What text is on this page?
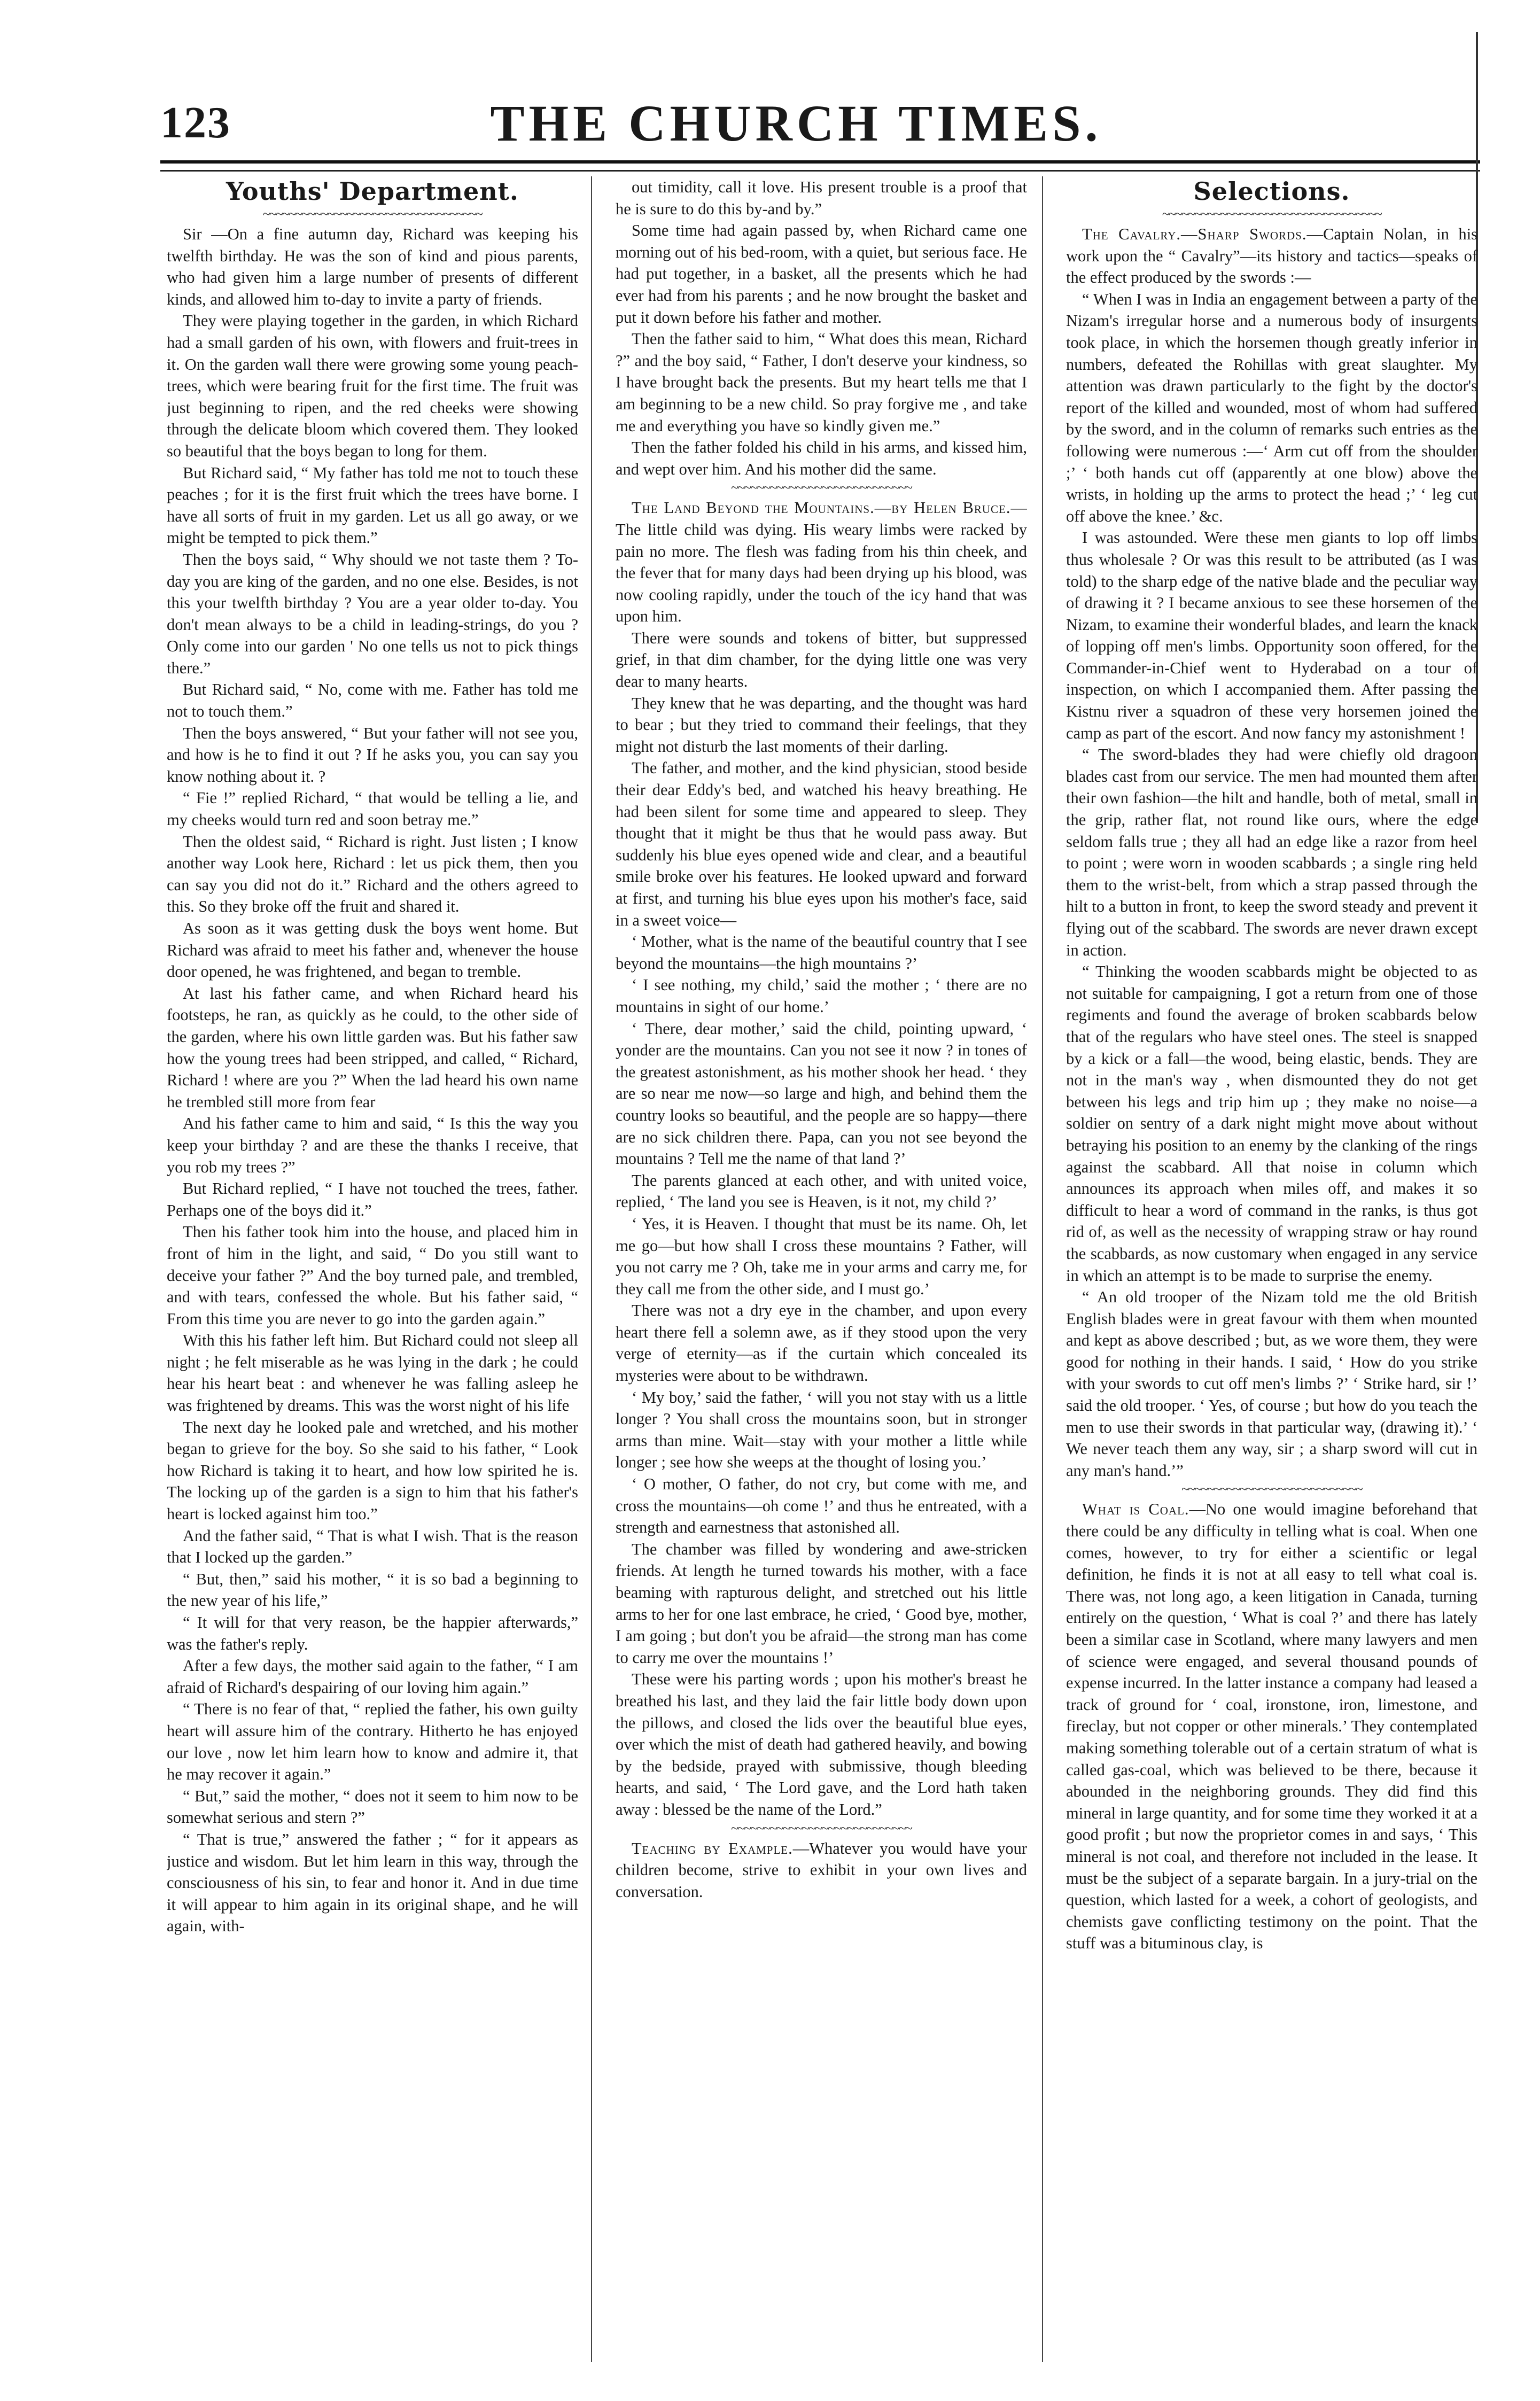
123	THE CHURCH TIMES.
Youths' Department.
~~~~~~~~~~~~~~~~~~~~~~~~~~~~~~~~~~

Sir —On a fine autumn day, Richard was keeping his twelfth birthday. He was the son of kind and pious parents, who had given him a large number of presents of different kinds, and allowed him to-day to invite a party of friends.

They were playing together in the garden, in which Richard had a small garden of his own, with flowers and fruit-trees in it. On the garden wall there were growing some young peach-trees, which were bearing fruit for the first time. The fruit was just beginning to ripen, and the red cheeks were showing through the delicate bloom which covered them. They looked so beautiful that the boys began to long for them.

But Richard said, “ My father has told me not to touch these peaches ; for it is the first fruit which the trees have borne. I have all sorts of fruit in my garden. Let us all go away, or we might be tempted to pick them.”

Then the boys said, “ Why should we not taste them ? To-day you are king of the garden, and no one else. Besides, is not this your twelfth birthday ? You are a year older to-day. You don't mean always to be a child in leading-strings, do you ? Only come into our garden ' No one tells us not to pick things there.”

But Richard said, “ No, come with me. Father has told me not to touch them.”

Then the boys answered, “ But your father will not see you, and how is he to find it out ? If he asks you, you can say you know nothing about it. ?

“ Fie !” replied Richard, “ that would be telling a lie, and my cheeks would turn red and soon betray me.”

Then the oldest said, “ Richard is right. Just listen ; I know another way Look here, Richard : let us pick them, then you can say you did not do it.” Richard and the others agreed to this. So they broke off the fruit and shared it.

As soon as it was getting dusk the boys went home. But Richard was afraid to meet his father and, whenever the house door opened, he was frightened, and began to tremble.

At last his father came, and when Richard heard his footsteps, he ran, as quickly as he could, to the other side of the garden, where his own little garden was. But his father saw how the young trees had been stripped, and called, “ Richard, Richard ! where are you ?” When the lad heard his own name he trembled still more from fear

And his father came to him and said, “ Is this the way you keep your birthday ? and are these the thanks I receive, that you rob my trees ?”

But Richard replied, “ I have not touched the trees, father. Perhaps one of the boys did it.”

Then his father took him into the house, and placed him in front of him in the light, and said, “ Do you still want to deceive your father ?” And the boy turned pale, and trembled, and with tears, confessed the whole. But his father said, “ From this time you are never to go into the garden again.”

With this his father left him. But Richard could not sleep all night ; he felt miserable as he was lying in the dark ; he could hear his heart beat : and whenever he was falling asleep he was frightened by dreams. This was the worst night of his life

The next day he looked pale and wretched, and his mother began to grieve for the boy. So she said to his father, “ Look how Richard is taking it to heart, and how low spirited he is. The locking up of the garden is a sign to him that his father's heart is locked against him too.”

And the father said, “ That is what I wish. That is the reason that I locked up the garden.”

“ But, then,” said his mother, “ it is so bad a beginning to the new year of his life,”

“ It will for that very reason, be the happier afterwards,” was the father's reply.

After a few days, the mother said again to the father, “ I am afraid of Richard's despairing of our loving him again.”

“ There is no fear of that, “ replied the father, his own guilty heart will assure him of the contrary. Hitherto he has enjoyed our love , now let him learn how to know and admire it, that he may recover it again.”

“ But,” said the mother, “ does not it seem to him now to be somewhat serious and stern ?”

“ That is true,” answered the father ; “ for it appears as justice and wisdom. But let him learn in this way, through the consciousness of his sin, to fear and honor it. And in due time it will appear to him again in its original shape, and he will again, with-

out timidity, call it love. His present trouble is a proof that he is sure to do this by-and by.”

Some time had again passed by, when Richard came one morning out of his bed-room, with a quiet, but serious face. He had put together, in a basket, all the presents which he had ever had from his parents ; and he now brought the basket and put it down before his father and mother.

Then the father said to him, “ What does this mean, Richard ?” and the boy said, “ Father, I don't deserve your kindness, so I have brought back the presents. But my heart tells me that I am beginning to be a new child. So pray forgive me , and take me and everything you have so kindly given me.”

Then the father folded his child in his arms, and kissed him, and wept over him. And his mother did the same.

~~~~~~~~~~~~~~~~~~~~~~~~~~~~

The Land Beyond the Mountains.—by Helen Bruce.—The little child was dying. His weary limbs were racked by pain no more. The flesh was fading from his thin cheek, and the fever that for many days had been drying up his blood, was now cooling rapidly, under the touch of the icy hand that was upon him.

There were sounds and tokens of bitter, but suppressed grief, in that dim chamber, for the dying little one was very dear to many hearts.

They knew that he was departing, and the thought was hard to bear ; but they tried to command their feelings, that they might not disturb the last moments of their darling.

The father, and mother, and the kind physician, stood beside their dear Eddy's bed, and watched his heavy breathing. He had been silent for some time and appeared to sleep. They thought that it might be thus that he would pass away. But suddenly his blue eyes opened wide and clear, and a beautiful smile broke over his features. He looked upward and forward at first, and turning his blue eyes upon his mother's face, said in a sweet voice—

‘ Mother, what is the name of the beautiful country that I see beyond the mountains—the high mountains ?’

‘ I see nothing, my child,’ said the mother ; ‘ there are no mountains in sight of our home.’

‘ There, dear mother,’ said the child, pointing upward, ‘ yonder are the mountains. Can you not see it now ? in tones of the greatest astonishment, as his mother shook her head. ‘ they are so near me now—so large and high, and behind them the country looks so beautiful, and the people are so happy—there are no sick children there. Papa, can you not see beyond the mountains ? Tell me the name of that land ?’

The parents glanced at each other, and with united voice, replied, ‘ The land you see is Heaven, is it not, my child ?’

‘ Yes, it is Heaven. I thought that must be its name. Oh, let me go—but how shall I cross these mountains ? Father, will you not carry me ? Oh, take me in your arms and carry me, for they call me from the other side, and I must go.’

There was not a dry eye in the chamber, and upon every heart there fell a solemn awe, as if they stood upon the very verge of eternity—as if the curtain which concealed its mysteries were about to be withdrawn.

‘ My boy,’ said the father, ‘ will you not stay with us a little longer ? You shall cross the mountains soon, but in stronger arms than mine. Wait—stay with your mother a little while longer ; see how she weeps at the thought of losing you.’

‘ O mother, O father, do not cry, but come with me, and cross the mountains—oh come !’ and thus he entreated, with a strength and earnestness that astonished all.

The chamber was filled by wondering and awe-stricken friends. At length he turned towards his mother, with a face beaming with rapturous delight, and stretched out his little arms to her for one last embrace, he cried, ‘ Good bye, mother, I am going ; but don't you be afraid—the strong man has come to carry me over the mountains !’

These were his parting words ; upon his mother's breast he breathed his last, and they laid the fair little body down upon the pillows, and closed the lids over the beautiful blue eyes, over which the mist of death had gathered heavily, and bowing by the bedside, prayed with submissive, though bleeding hearts, and said, ‘ The Lord gave, and the Lord hath taken away : blessed be the name of the Lord.”

~~~~~~~~~~~~~~~~~~~~~~~~~~~~

Teaching by Example.—Whatever you would have your children become, strive to exhibit in your own lives and conversation.

Selections.
~~~~~~~~~~~~~~~~~~~~~~~~~~~~~~~~~~

The Cavalry.—Sharp Swords.—Captain Nolan, in his work upon the “ Cavalry”—its history and tactics—speaks of the effect produced by the swords :—

“ When I was in India an engagement between a party of the Nizam's irregular horse and a numerous body of insurgents took place, in which the horsemen though greatly inferior in numbers, defeated the Rohillas with great slaughter. My attention was drawn particularly to the fight by the doctor's report of the killed and wounded, most of whom had suffered by the sword, and in the column of remarks such entries as the following were numerous :—‘ Arm cut off from the shoulder ;’ ‘ both hands cut off (apparently at one blow) above the wrists, in holding up the arms to protect the head ;’ ‘ leg cut off above the knee.’ &c.

I was astounded. Were these men giants to lop off limbs thus wholesale ? Or was this result to be attributed (as I was told) to the sharp edge of the native blade and the peculiar way of drawing it ? I became anxious to see these horsemen of the Nizam, to examine their wonderful blades, and learn the knack of lopping off men's limbs. Opportunity soon offered, for the Commander-in-Chief went to Hyderabad on a tour of inspection, on which I accompanied them. After passing the Kistnu river a squadron of these very horsemen joined the camp as part of the escort. And now fancy my astonishment !

“ The sword-blades they had were chiefly old dragoon blades cast from our service. The men had mounted them after their own fashion—the hilt and handle, both of metal, small in the grip, rather flat, not round like ours, where the edge seldom falls true ; they all had an edge like a razor from heel to point ; were worn in wooden scabbards ; a single ring held them to the wrist-belt, from which a strap passed through the hilt to a button in front, to keep the sword steady and prevent it flying out of the scabbard. The swords are never drawn except in action.

“ Thinking the wooden scabbards might be objected to as not suitable for campaigning, I got a return from one of those regiments and found the average of broken scabbards below that of the regulars who have steel ones. The steel is snapped by a kick or a fall—the wood, being elastic, bends. They are not in the man's way , when dismounted they do not get between his legs and trip him up ; they make no noise—a soldier on sentry of a dark night might move about without betraying his position to an enemy by the clanking of the rings against the scabbard. All that noise in column which announces its approach when miles off, and makes it so difficult to hear a word of command in the ranks, is thus got rid of, as well as the necessity of wrapping straw or hay round the scabbards, as now customary when engaged in any service in which an attempt is to be made to surprise the enemy.

“ An old trooper of the Nizam told me the old British English blades were in great favour with them when mounted and kept as above described ; but, as we wore them, they were good for nothing in their hands. I said, ‘ How do you strike with your swords to cut off men's limbs ?’ ‘ Strike hard, sir !’ said the old trooper. ‘ Yes, of course ; but how do you teach the men to use their swords in that particular way, (drawing it).’ ‘ We never teach them any way, sir ; a sharp sword will cut in any man's hand.’”

~~~~~~~~~~~~~~~~~~~~~~~~~~~~

What is Coal.—No one would imagine beforehand that there could be any difficulty in telling what is coal. When one comes, however, to try for either a scientific or legal definition, he finds it is not at all easy to tell what coal is. There was, not long ago, a keen litigation in Canada, turning entirely on the question, ‘ What is coal ?’ and there has lately been a similar case in Scotland, where many lawyers and men of science were engaged, and several thousand pounds of expense incurred. In the latter instance a company had leased a track of ground for ‘ coal, ironstone, iron, limestone, and fireclay, but not copper or other minerals.’ They contemplated making something tolerable out of a certain stratum of what is called gas-coal, which was believed to be there, because it abounded in the neighboring grounds. They did find this mineral in large quantity, and for some time they worked it at a good profit ; but now the proprietor comes in and says, ‘ This mineral is not coal, and therefore not included in the lease. It must be the subject of a separate bargain. In a jury-trial on the question, which lasted for a week, a cohort of geologists, and chemists gave conflicting testimony on the point. That the stuff was a bituminous clay, is
